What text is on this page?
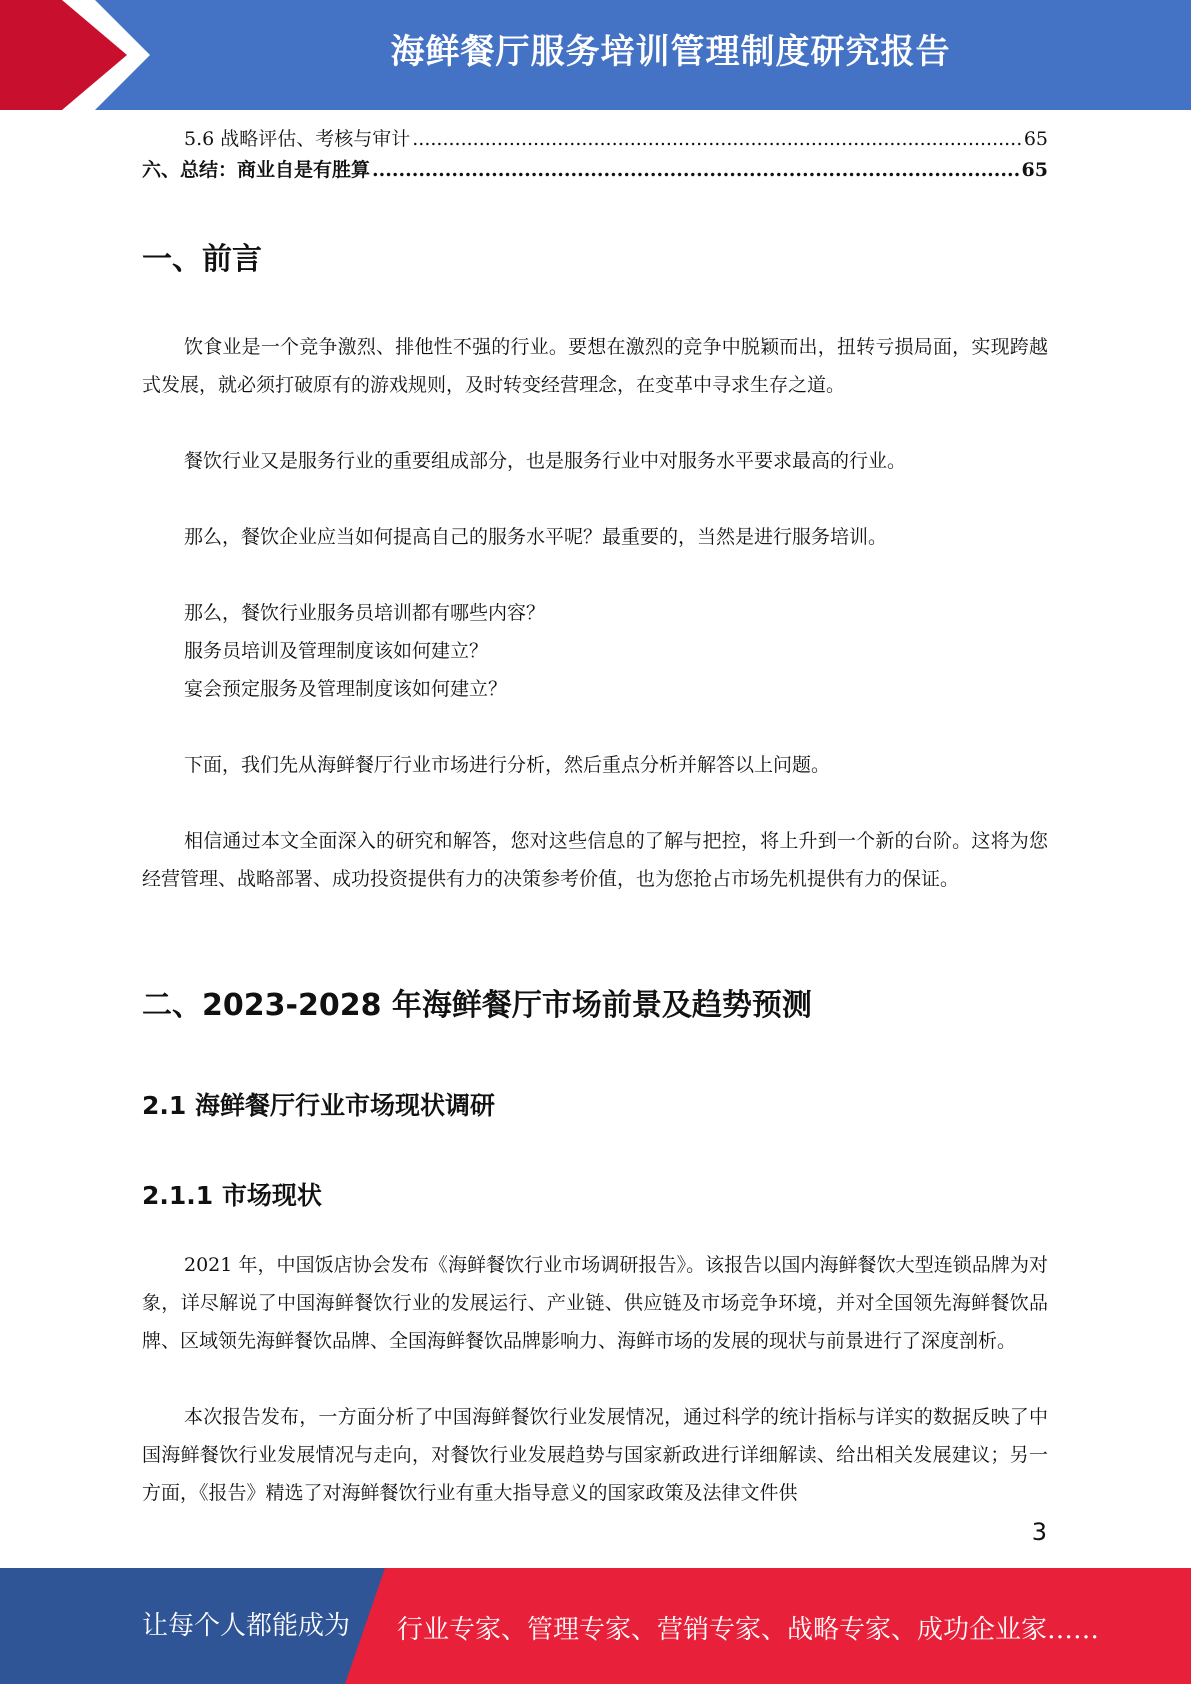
海鲜餐厅服务培训管理制度研究报告
5.6 战略评估、考核与审计 .....	65
六、总结：商业自是有胜算 .....	65
一、前言

饮食业是一个竞争激烈、排他性不强的行业。要想在激烈的竞争中脱颖而出，扭转亏损局面，实现跨越式发展，就必须打破原有的游戏规则，及时转变经营理念，在变革中寻求生存之道。

餐饮行业又是服务行业的重要组成部分，也是服务行业中对服务水平要求最高的行业。

那么，餐饮企业应当如何提高自己的服务水平呢？最重要的，当然是进行服务培训。

那么，餐饮行业服务员培训都有哪些内容？

服务员培训及管理制度该如何建立？

宴会预定服务及管理制度该如何建立？

下面，我们先从海鲜餐厅行业市场进行分析，然后重点分析并解答以上问题。

相信通过本文全面深入的研究和解答，您对这些信息的了解与把控，将上升到一个新的台阶。这将为您经营管理、战略部署、成功投资提供有力的决策参考价值，也为您抢占市场先机提供有力的保证。

二、2023-2028 年海鲜餐厅市场前景及趋势预测
2.1 海鲜餐厅行业市场现状调研
2.1.1 市场现状

2021 年，中国饭店协会发布《海鲜餐饮行业市场调研报告》。该报告以国内海鲜餐饮大型连锁品牌为对象，详尽解说了中国海鲜餐饮行业的发展运行、产业链、供应链及市场竞争环境，并对全国领先海鲜餐饮品牌、区域领先海鲜餐饮品牌、全国海鲜餐饮品牌影响力、海鲜市场的发展的现状与前景进行了深度剖析。

本次报告发布，一方面分析了中国海鲜餐饮行业发展情况，通过科学的统计指标与详实的数据反映了中国海鲜餐饮行业发展情况与走向，对餐饮行业发展趋势与国家新政进行详细解读、给出相关发展建议；另一方面，《报告》精选了对海鲜餐饮行业有重大指导意义的国家政策及法律文件供

3
让每个人都能成为 行业专家、管理专家、营销专家、战略专家、成功企业家……
